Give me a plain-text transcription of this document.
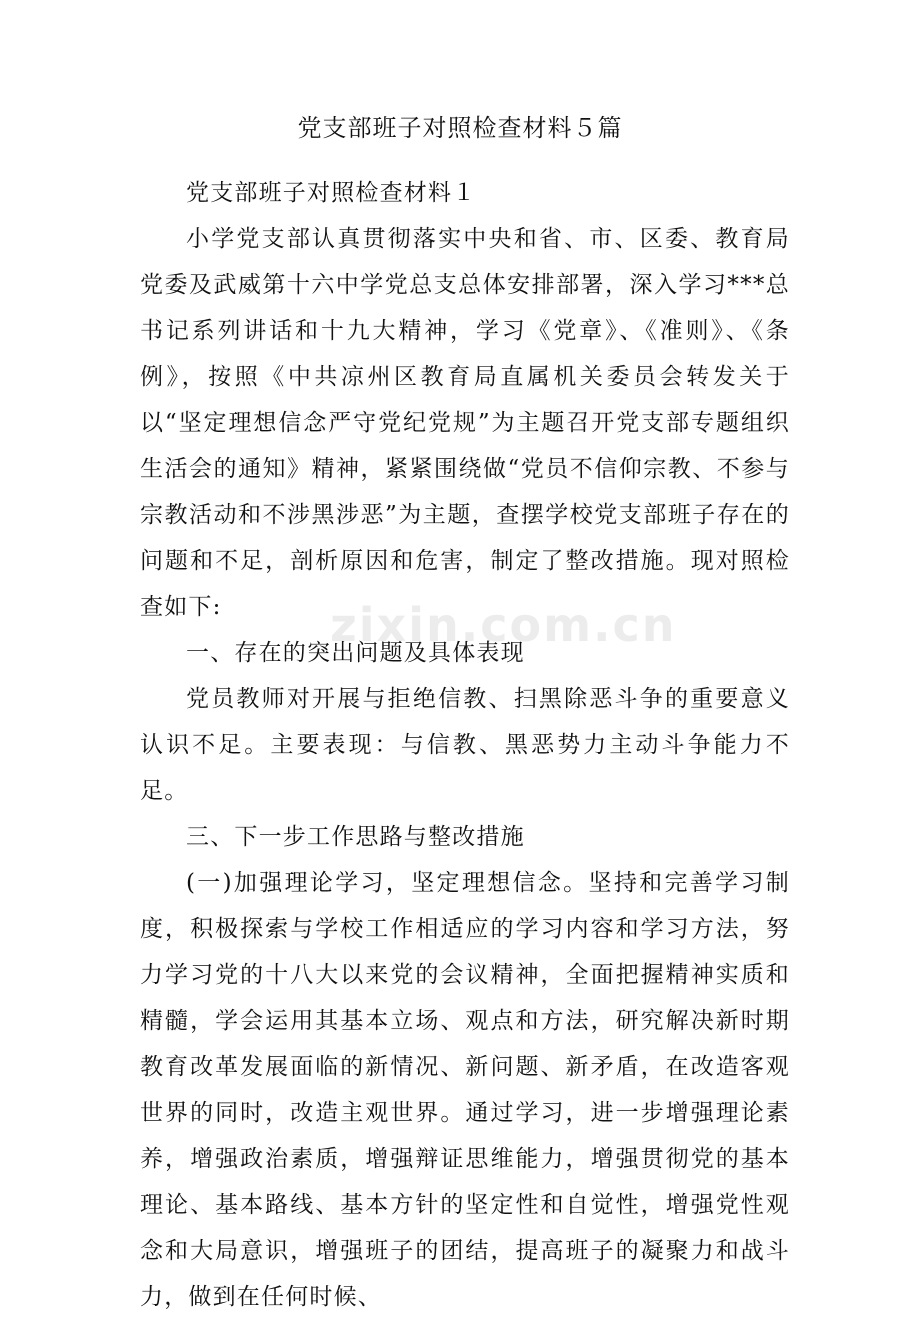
党支部班子对照检查材料５篇

党支部班子对照检查材料１

小学党支部认真贯彻落实中央和省、市、区委、教育局党委及武威第十六中学党总支总体安排部署，深入学习***总书记系列讲话和十九大精神，学习《党章》、《准则》、《条例》，按照《中共凉州区教育局直属机关委员会转发关于以“坚定理想信念严守党纪党规”为主题召开党支部专题组织生活会的通知》精神，紧紧围绕做“党员不信仰宗教、不参与宗教活动和不涉黑涉恶”为主题，查摆学校党支部班子存在的问题和不足，剖析原因和危害，制定了整改措施。现对照检查如下:

一、存在的突出问题及具体表现

党员教师对开展与拒绝信教、扫黑除恶斗争的重要意义认识不足。主要表现：与信教、黑恶势力主动斗争能力不足。

三、下一步工作思路与整改措施

(一)加强理论学习，坚定理想信念。坚持和完善学习制度，积极探索与学校工作相适应的学习内容和学习方法，努力学习党的十八大以来党的会议精神，全面把握精神实质和精髓，学会运用其基本立场、观点和方法，研究解决新时期教育改革发展面临的新情况、新问题、新矛盾，在改造客观世界的同时，改造主观世界。通过学习，进一步增强理论素养，增强政治素质，增强辩证思维能力，增强贯彻党的基本理论、基本路线、基本方针的坚定性和自觉性，增强党性观念和大局意识，增强班子的团结，提高班子的凝聚力和战斗力，做到在任何时候、

zixin.com.cn
